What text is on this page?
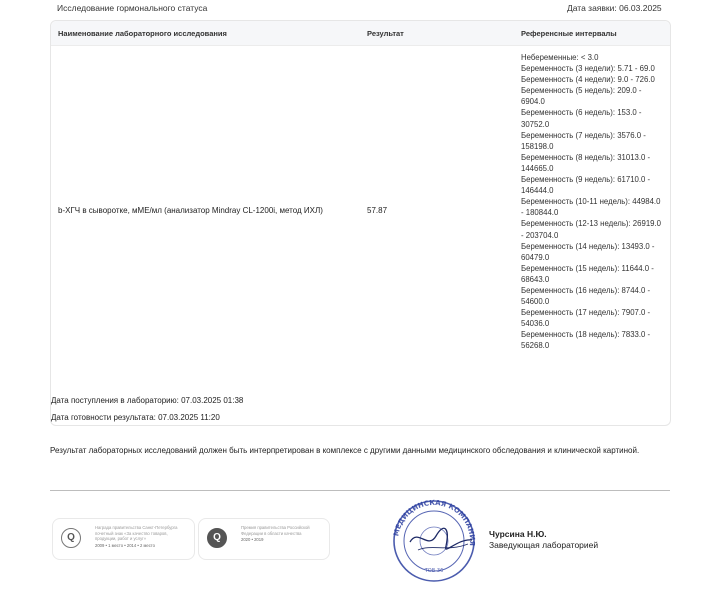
Исследование гормонального статуса	Дата заявки: 06.03.2025
Наименование лабораторного исследования	Результат	Референсные интервалы
b-ХГЧ в сыворотке, мМЕ/мл (анализатор Mindray CL-1200i, метод ИХЛ)	57.87
Небеременные: < 3.0
Беременность (3 недели): 5.71 - 69.0
Беременность (4 недели): 9.0 - 726.0
Беременность (5 недель): 209.0 - 6904.0
Беременность (6 недель): 153.0 - 30752.0
Беременность (7 недель): 3576.0 - 158198.0
Беременность (8 недель): 31013.0 - 144665.0
Беременность (9 недель): 61710.0 - 146444.0
Беременность (10-11 недель): 44984.0 - 180844.0
Беременность (12-13 недель): 26919.0 - 203704.0
Беременность (14 недель): 13493.0 - 60479.0
Беременность (15 недель): 11644.0 - 68643.0
Беременность (16 недель): 8744.0 - 54600.0
Беременность (17 недель): 7907.0 - 54036.0
Беременность (18 недель): 7833.0 - 56268.0
Дата поступления в лабораторию: 07.03.2025 01:38
Дата готовности результата: 07.03.2025 11:20
Результат лабораторных исследований должен быть интерпретирован в комплексе с другими данными медицинского обследования и клинической картиной.
Q
Награда правительства Санкт-Петербурга почетный знак «За качество товаров, продукции, работ и услуг»
2009 • 1 место • 2014 • 2 место
Q
Премия правительства Российской Федерации в области качества
2020 • 2019
МЕДИЦИНСКАЯ КОМПАНИЯ
ТОВ-36
Чурсина Н.Ю.
Заведующая лабораторией
